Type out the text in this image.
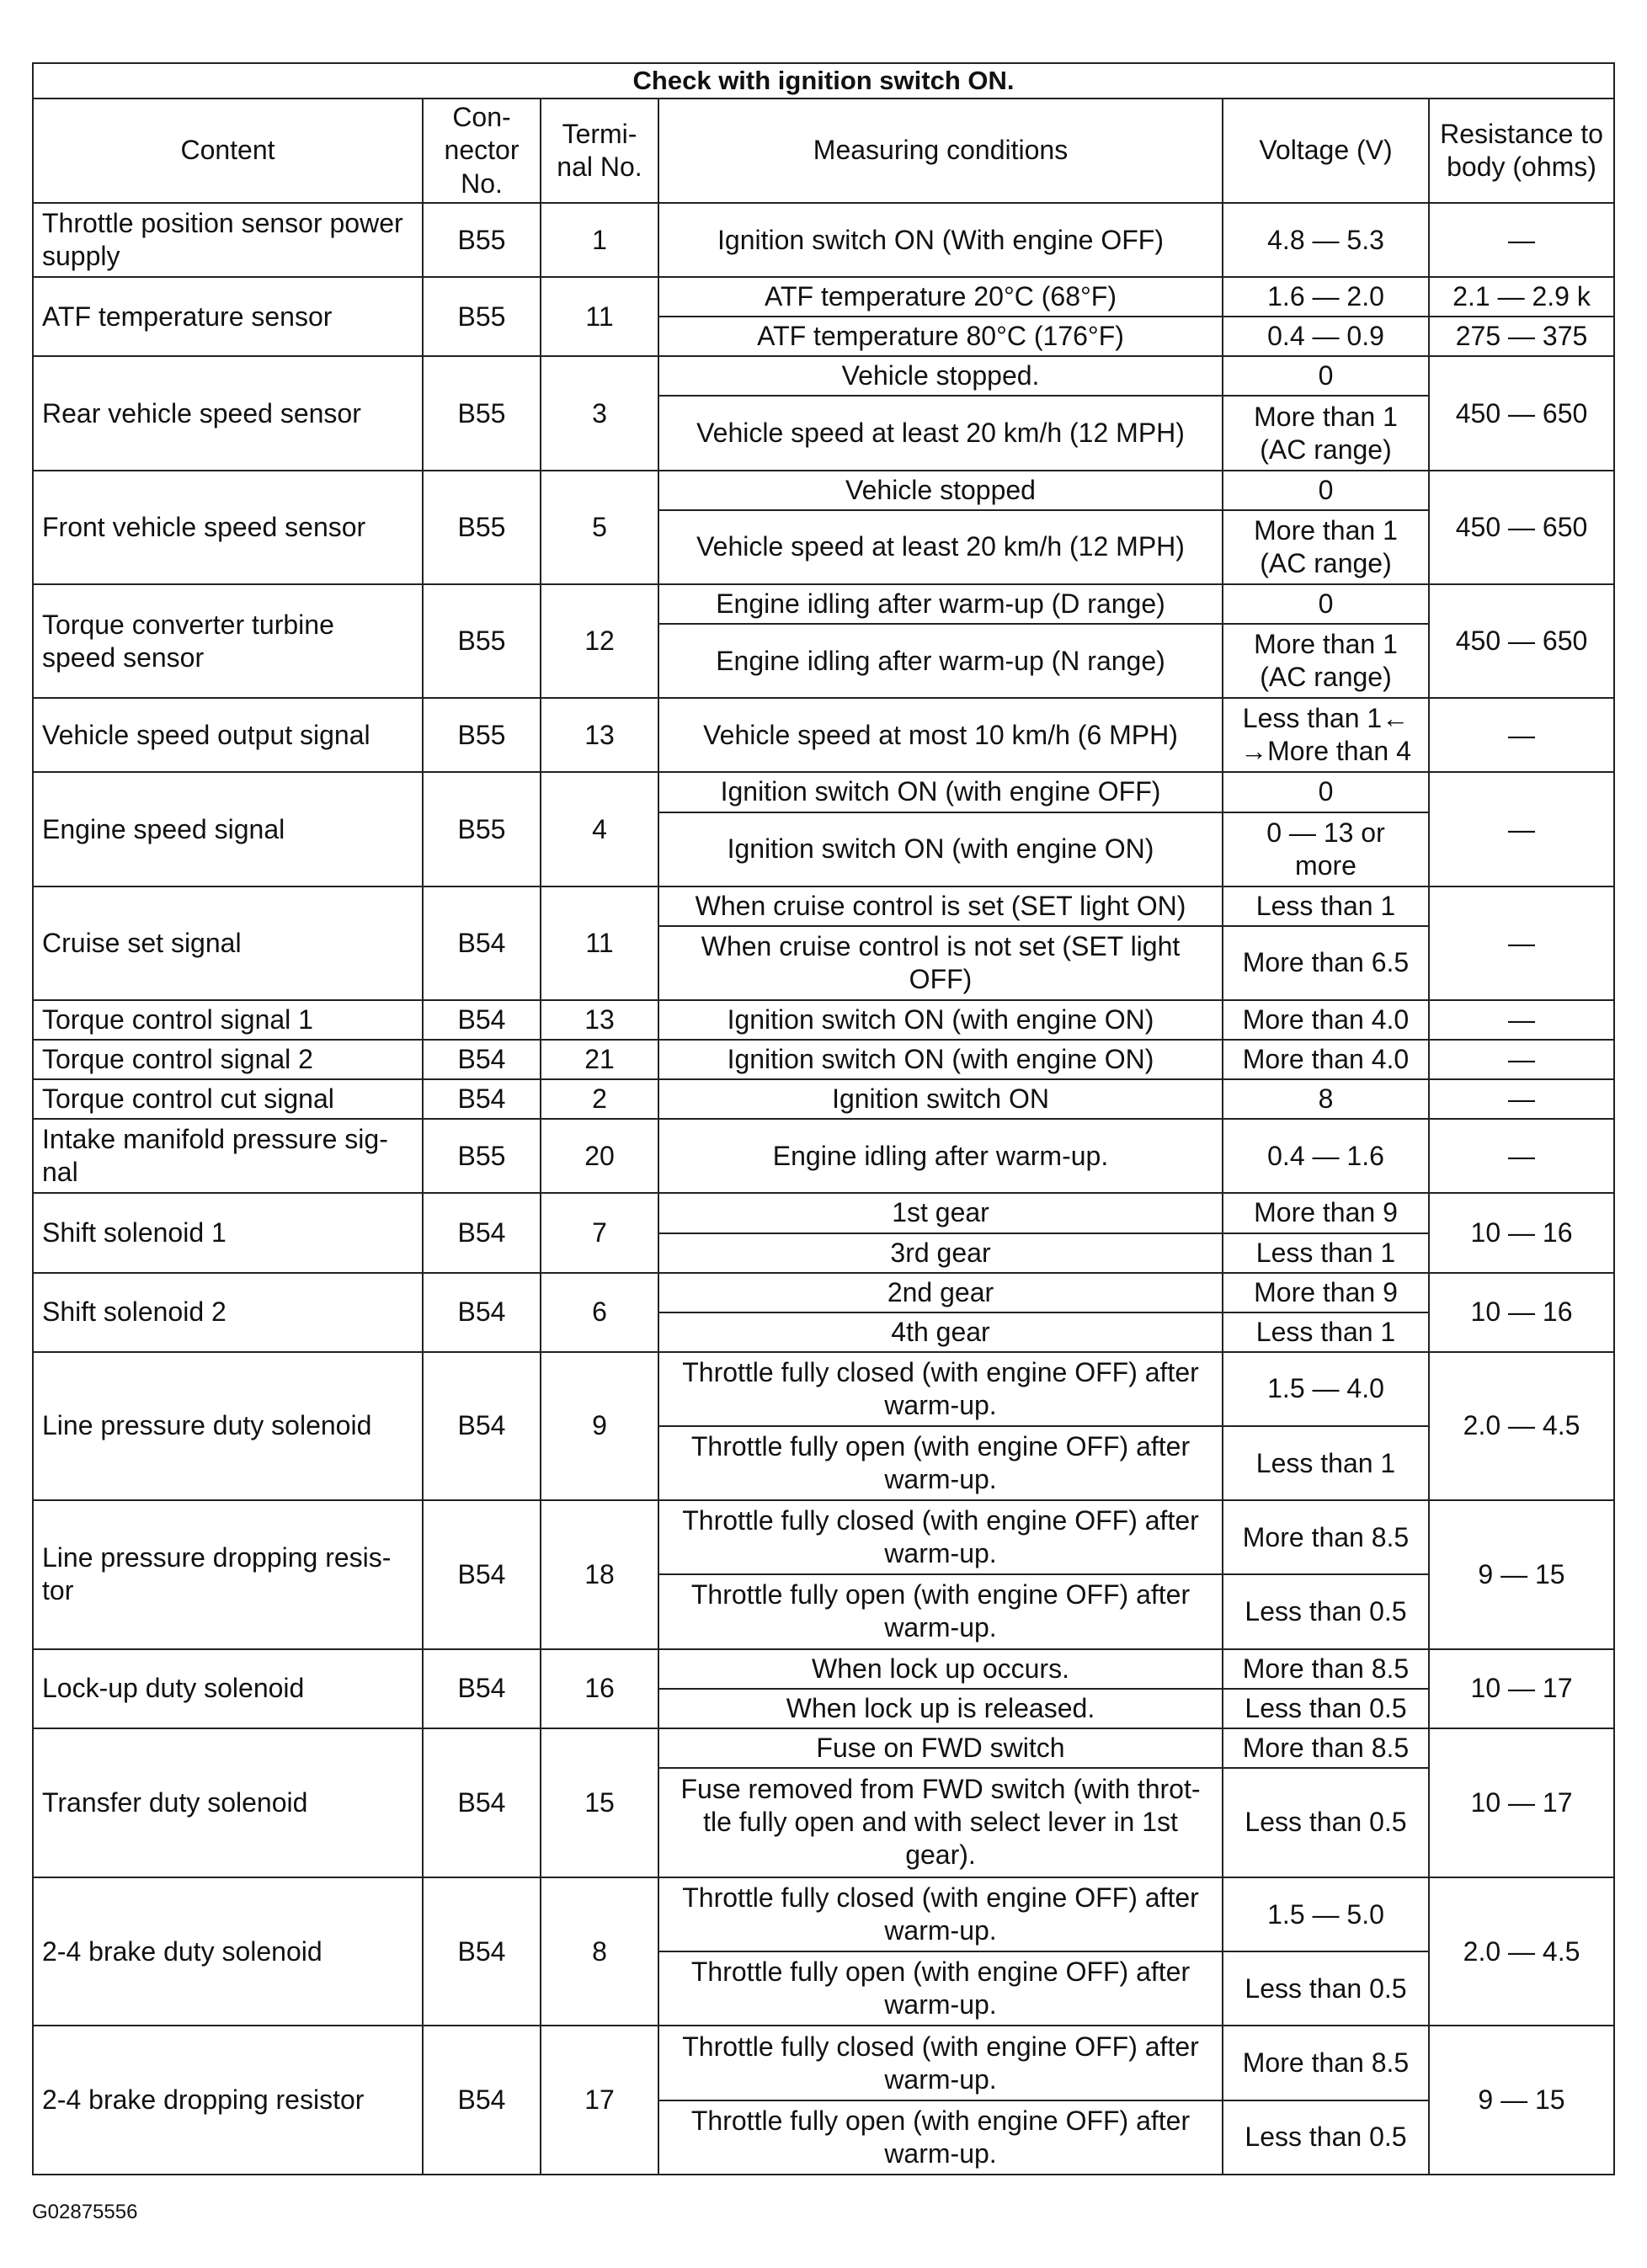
Check with ignition switch ON.					

Content	Con-
nector
No.	Termi-
nal No.	Measuring conditions	Voltage (V)	Resistance to
body (ohms)

Throttle position sensor power
supply	B55	1	Ignition switch ON (With engine OFF)	4.8 — 5.3	—

ATF temperature sensor	B55	11	ATF temperature 20°C (68°F)	1.6 — 2.0	2.1 — 2.9 k

			ATF temperature 80°C (176°F)	0.4 — 0.9	275 — 375

Rear vehicle speed sensor	B55	3	Vehicle stopped.	0	450 — 650

			Vehicle speed at least 20 km/h (12 MPH)	More than 1
(AC range)	

Front vehicle speed sensor	B55	5	Vehicle stopped	0	450 — 650

			Vehicle speed at least 20 km/h (12 MPH)	More than 1
(AC range)	

Torque converter turbine
speed sensor	B55	12	Engine idling after warm-up (D range)	0	450 — 650

			Engine idling after warm-up (N range)	More than 1
(AC range)	

Vehicle speed output signal	B55	13	Vehicle speed at most 10 km/h (6 MPH)	Less than 1←
→More than 4	—

Engine speed signal	B55	4	Ignition switch ON (with engine OFF)	0	—

			Ignition switch ON (with engine ON)	0 — 13 or
more	

Cruise set signal	B54	11	When cruise control is set (SET light ON)	Less than 1	—

			When cruise control is not set (SET light
OFF)	More than 6.5	

Torque control signal 1	B54	13	Ignition switch ON (with engine ON)	More than 4.0	—

Torque control signal 2	B54	21	Ignition switch ON (with engine ON)	More than 4.0	—

Torque control cut signal	B54	2	Ignition switch ON	8	—

Intake manifold pressure sig-
nal	B55	20	Engine idling after warm-up.	0.4 — 1.6	—

Shift solenoid 1	B54	7	1st gear	More than 9	10 — 16

			3rd gear	Less than 1	

Shift solenoid 2	B54	6	2nd gear	More than 9	10 — 16

			4th gear	Less than 1	

Line pressure duty solenoid	B54	9	Throttle fully closed (with engine OFF) after
warm-up.	1.5 — 4.0	2.0 — 4.5

			Throttle fully open (with engine OFF) after
warm-up.	Less than 1	

Line pressure dropping resis-
tor	B54	18	Throttle fully closed (with engine OFF) after
warm-up.	More than 8.5	9 — 15

			Throttle fully open (with engine OFF) after
warm-up.	Less than 0.5	

Lock-up duty solenoid	B54	16	When lock up occurs.	More than 8.5	10 — 17

			When lock up is released.	Less than 0.5	

Transfer duty solenoid	B54	15	Fuse on FWD switch	More than 8.5	10 — 17

			Fuse removed from FWD switch (with throt-
tle fully open and with select lever in 1st
gear).	Less than 0.5	

2-4 brake duty solenoid	B54	8	Throttle fully closed (with engine OFF) after
warm-up.	1.5 — 5.0	2.0 — 4.5

			Throttle fully open (with engine OFF) after
warm-up.	Less than 0.5	

2-4 brake dropping resistor	B54	17	Throttle fully closed (with engine OFF) after
warm-up.	More than 8.5	9 — 15

			Throttle fully open (with engine OFF) after
warm-up.	Less than 0.5	
G02875556
